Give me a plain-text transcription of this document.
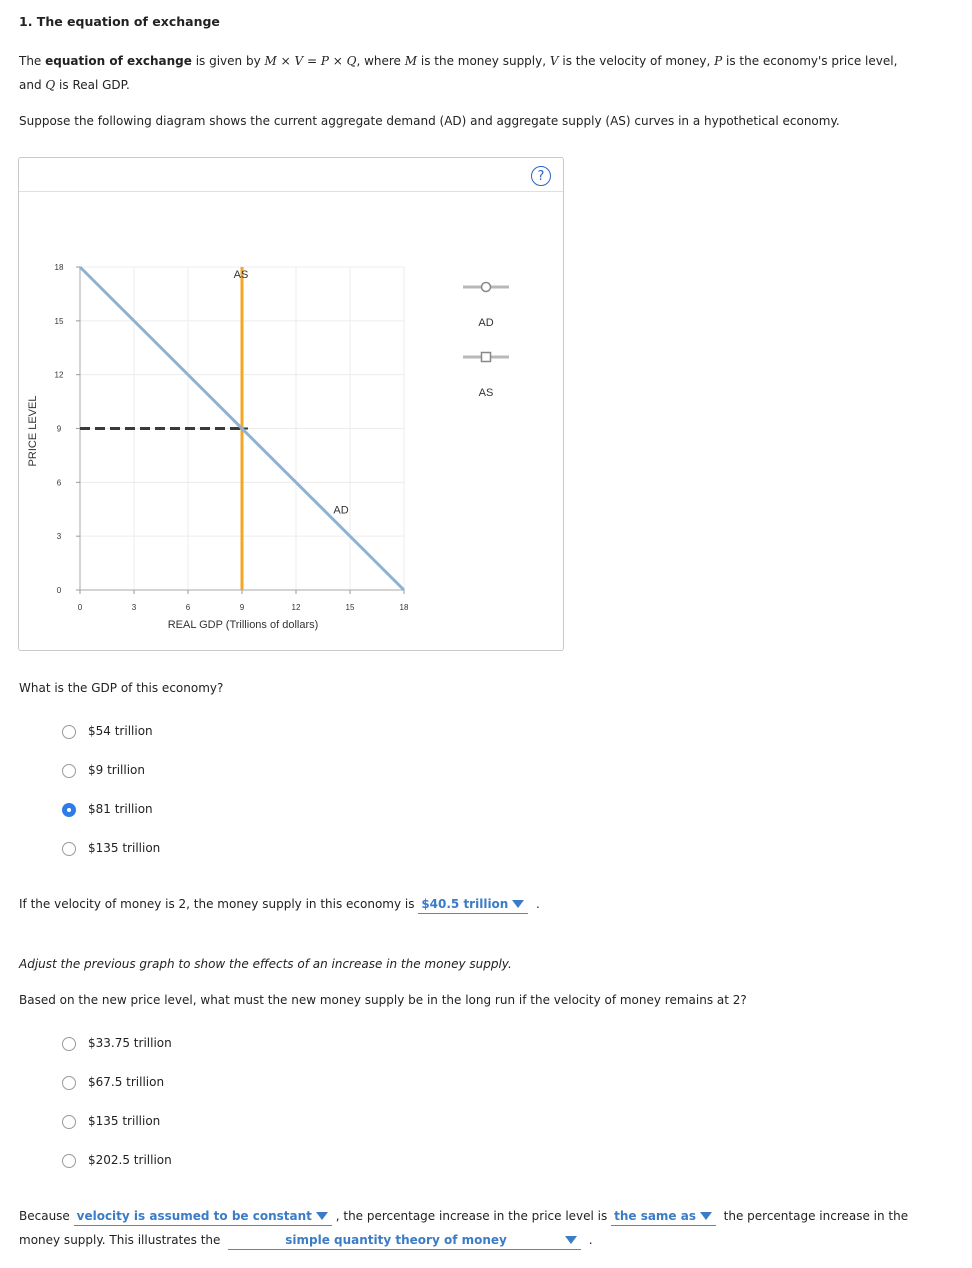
1. The equation of exchange
The equation of exchange is given by M × V = P × Q, where M is the money supply, V is the velocity of money, P is the economy's price level,
and Q is Real GDP.
Suppose the following diagram shows the current aggregate demand (AD) and aggregate supply (AS) curves in a hypothetical economy.
?
0
3
6
9
12
15
18
0	3	6	9	12	15	18
AS
AD
AD
AS
PRICE LEVEL
REAL GDP (Trillions of dollars)
What is the GDP of this economy?
$54 trillion
$9 trillion
$81 trillion
$135 trillion
If the velocity of money is 2, the money supply in this economy is $40.5 trillion .
Adjust the previous graph to show the effects of an increase in the money supply.
Based on the new price level, what must the new money supply be in the long run if the velocity of money remains at 2?
$33.75 trillion
$67.5 trillion
$135 trillion
$202.5 trillion
Because velocity is assumed to be constant , the percentage increase in the price level is the same as the percentage increase in the
money supply. This illustrates the	simple quantity theory of money	.
